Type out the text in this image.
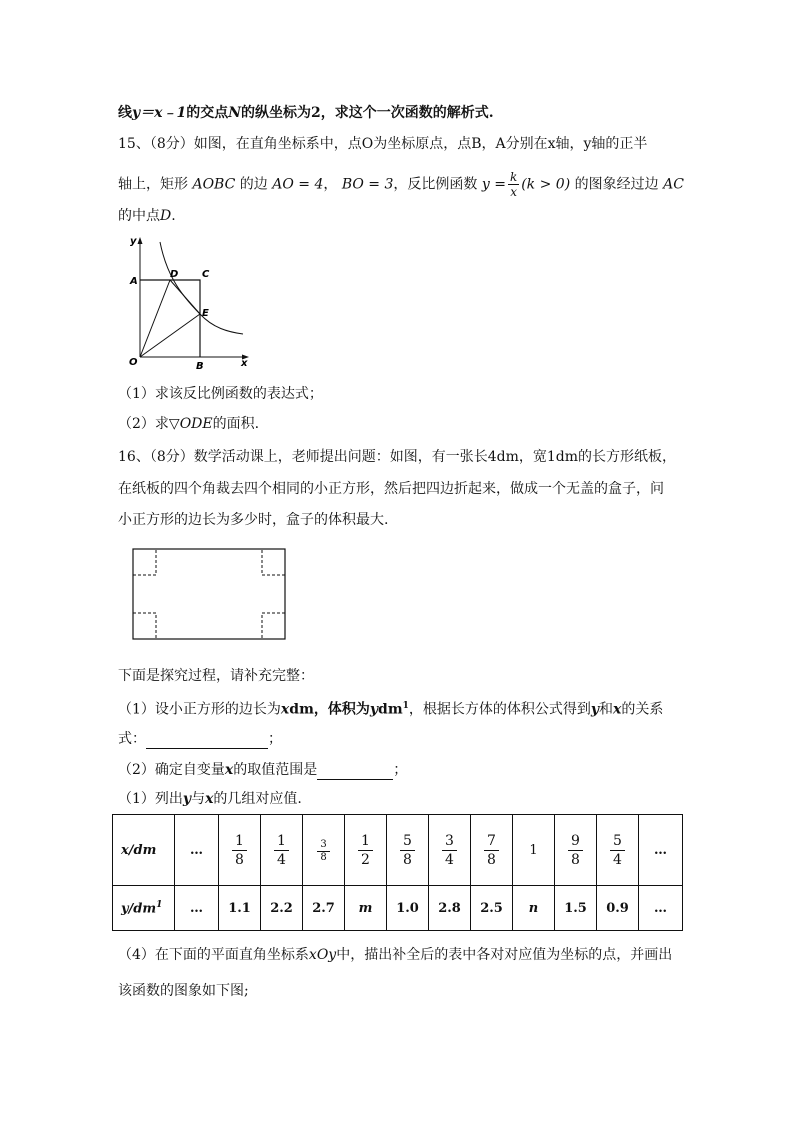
线y＝x﹣1的交点N的纵坐标为2，求这个一次函数的解析式.
15、（8分）如图，在直角坐标系中，点O为坐标原点，点B，A分别在x轴，y轴的正半
轴上，矩形 AOBC 的边 AO = 4， BO = 3，反比例函数 $y = \frac{k}{x} (k > 0)$ 的图象经过边 AC
的中点D.
y
x
A
D C
E
O	B
（1）求该反比例函数的表达式；
（2）求▽ODE的面积.
16、（8分）数学活动课上，老师提出问题：如图，有一张长4dm，宽1dm的长方形纸板，
在纸板的四个角裁去四个相同的小正方形，然后把四边折起来，做成一个无盖的盒子，问
小正方形的边长为多少时，盒子的体积最大.
下面是探究过程，请补充完整：
（1）设小正方形的边长为xdm，体积为ydm$^1$，根据长方体的体积公式得到y和x的关系
式：	；
（2）确定自变量x的取值范围是	；
（1）列出y与x的几组对应值.
x/dm	…	$\frac{1}{8}$	$\frac{1}{4}$	$\frac{3}{8}$	$\frac{1}{2}$	$\frac{5}{8}$	$\frac{3}{4}$	$\frac{7}{8}$	1	$\frac{9}{8}$	$\frac{5}{4}$	…
$y/dm^1$	…	1.1	2.2	2.7	m	1.0	2.8	2.5	n	1.5	0.9	…
（4）在下面的平面直角坐标系xOy中，描出补全后的表中各对对应值为坐标的点，并画出
该函数的图象如下图;
